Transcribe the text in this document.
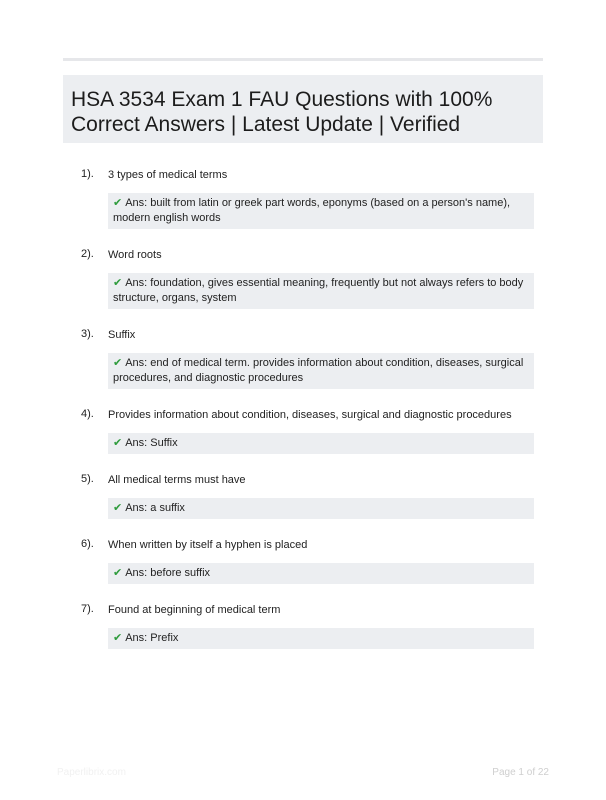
HSA 3534 Exam 1 FAU Questions with 100% Correct Answers | Latest Update | Verified
1). 3 types of medical terms
✔ Ans: built from latin or greek part words, eponyms (based on a person's name), modern english words
2). Word roots
✔ Ans: foundation, gives essential meaning, frequently but not always refers to body structure, organs, system
3). Suffix
✔ Ans: end of medical term. provides information about condition, diseases, surgical procedures, and diagnostic procedures
4). Provides information about condition, diseases, surgical and diagnostic procedures
✔ Ans: Suffix
5). All medical terms must have
✔ Ans: a suffix
6). When written by itself a hyphen is placed
✔ Ans: before suffix
7). Found at beginning of medical term
✔ Ans: Prefix
Paperlibrix.com	Page 1 of 22
